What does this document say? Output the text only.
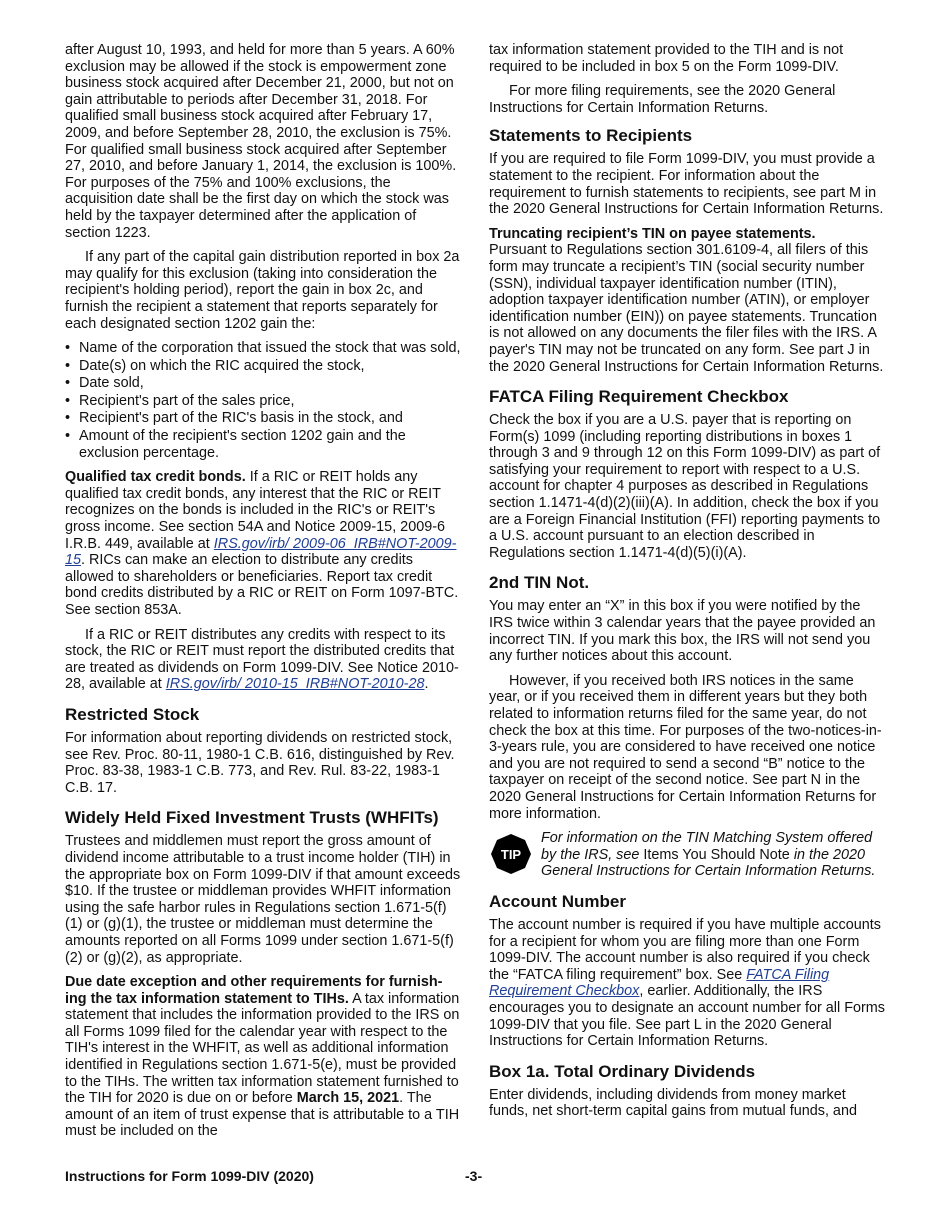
after August 10, 1993, and held for more than 5 years. A 60% exclusion may be allowed if the stock is empowerment zone business stock acquired after December 21, 2000, but not on gain attributable to periods after December 31, 2018. For qualified small business stock acquired after February 17, 2009, and before September 28, 2010, the exclusion is 75%. For qualified small business stock acquired after September 27, 2010, and before January 1, 2014, the exclusion is 100%. For purposes of the 75% and 100% exclusions, the acquisition date shall be the first day on which the stock was held by the taxpayer determined after the application of section 1223.

If any part of the capital gain distribution reported in box 2a may qualify for this exclusion (taking into consideration the recipient's holding period), report the gain in box 2c, and furnish the recipient a statement that reports separately for each designated section 1202 gain the:

• Name of the corporation that issued the stock that was sold,
• Date(s) on which the RIC acquired the stock,
• Date sold,
• Recipient's part of the sales price,
• Recipient's part of the RIC's basis in the stock, and
• Amount of the recipient's section 1202 gain and the exclusion percentage.

Qualified tax credit bonds. If a RIC or REIT holds any qualified tax credit bonds, any interest that the RIC or REIT recognizes on the bonds is included in the RIC's or REIT's gross income. See section 54A and Notice 2009-15, 2009-6 I.R.B. 449, available at IRS.gov/irb/ 2009-06_IRB#NOT-2009-15. RICs can make an election to distribute any credits allowed to shareholders or beneficiaries. Report tax credit bond credits distributed by a RIC or REIT on Form 1097-BTC. See section 853A.

If a RIC or REIT distributes any credits with respect to its stock, the RIC or REIT must report the distributed credits that are treated as dividends on Form 1099-DIV. See Notice 2010-28, available at IRS.gov/irb/ 2010-15_IRB#NOT-2010-28.

Restricted Stock

For information about reporting dividends on restricted stock, see Rev. Proc. 80-11, 1980-1 C.B. 616, distinguished by Rev. Proc. 83-38, 1983-1 C.B. 773, and Rev. Rul. 83-22, 1983-1 C.B. 17.

Widely Held Fixed Investment Trusts (WHFITs)

Trustees and middlemen must report the gross amount of dividend income attributable to a trust income holder (TIH) in the appropriate box on Form 1099-DIV if that amount exceeds $10. If the trustee or middleman provides WHFIT information using the safe harbor rules in Regulations section 1.671-5(f)(1) or (g)(1), the trustee or middleman must determine the amounts reported on all Forms 1099 under section 1.671-5(f)(2) or (g)(2), as appropriate.

Due date exception and other requirements for furnish-ing the tax information statement to TIHs. A tax information statement that includes the information provided to the IRS on all Forms 1099 filed for the calendar year with respect to the TIH's interest in the WHFIT, as well as additional information identified in Regulations section 1.671-5(e), must be provided to the TIHs. The written tax information statement furnished to the TIH for 2020 is due on or before March 15, 2021. The amount of an item of trust expense that is attributable to a TIH must be included on the

tax information statement provided to the TIH and is not required to be included in box 5 on the Form 1099-DIV.

For more filing requirements, see the 2020 General Instructions for Certain Information Returns.

Statements to Recipients

If you are required to file Form 1099-DIV, you must provide a statement to the recipient. For information about the requirement to furnish statements to recipients, see part M in the 2020 General Instructions for Certain Information Returns.

Truncating recipient’s TIN on payee statements.
Pursuant to Regulations section 301.6109-4, all filers of this form may truncate a recipient’s TIN (social security number (SSN), individual taxpayer identification number (ITIN), adoption taxpayer identification number (ATIN), or employer identification number (EIN)) on payee statements. Truncation is not allowed on any documents the filer files with the IRS. A payer's TIN may not be truncated on any form. See part J in the 2020 General Instructions for Certain Information Returns.

FATCA Filing Requirement Checkbox

Check the box if you are a U.S. payer that is reporting on Form(s) 1099 (including reporting distributions in boxes 1 through 3 and 9 through 12 on this Form 1099-DIV) as part of satisfying your requirement to report with respect to a U.S. account for chapter 4 purposes as described in Regulations section 1.1471-4(d)(2)(iii)(A). In addition, check the box if you are a Foreign Financial Institution (FFI) reporting payments to a U.S. account pursuant to an election described in Regulations section 1.1471-4(d)(5)(i)(A).

2nd TIN Not.

You may enter an “X” in this box if you were notified by the IRS twice within 3 calendar years that the payee provided an incorrect TIN. If you mark this box, the IRS will not send you any further notices about this account.

However, if you received both IRS notices in the same year, or if you received them in different years but they both related to information returns filed for the same year, do not check the box at this time. For purposes of the two-notices-in-3-years rule, you are considered to have received one notice and you are not required to send a second “B” notice to the taxpayer on receipt of the second notice. See part N in the 2020 General Instructions for Certain Information Returns for more information.

TIP
For information on the TIN Matching System offered by the IRS, see Items You Should Note in the 2020 General Instructions for Certain Information Returns.
Account Number

The account number is required if you have multiple accounts for a recipient for whom you are filing more than one Form 1099-DIV. The account number is also required if you check the “FATCA filing requirement” box. See FATCA Filing Requirement Checkbox, earlier. Additionally, the IRS encourages you to designate an account number for all Forms 1099-DIV that you file. See part L in the 2020 General Instructions for Certain Information Returns.

Box 1a. Total Ordinary Dividends

Enter dividends, including dividends from money market funds, net short-term capital gains from mutual funds, and

Instructions for Form 1099-DIV (2020)	-3-
